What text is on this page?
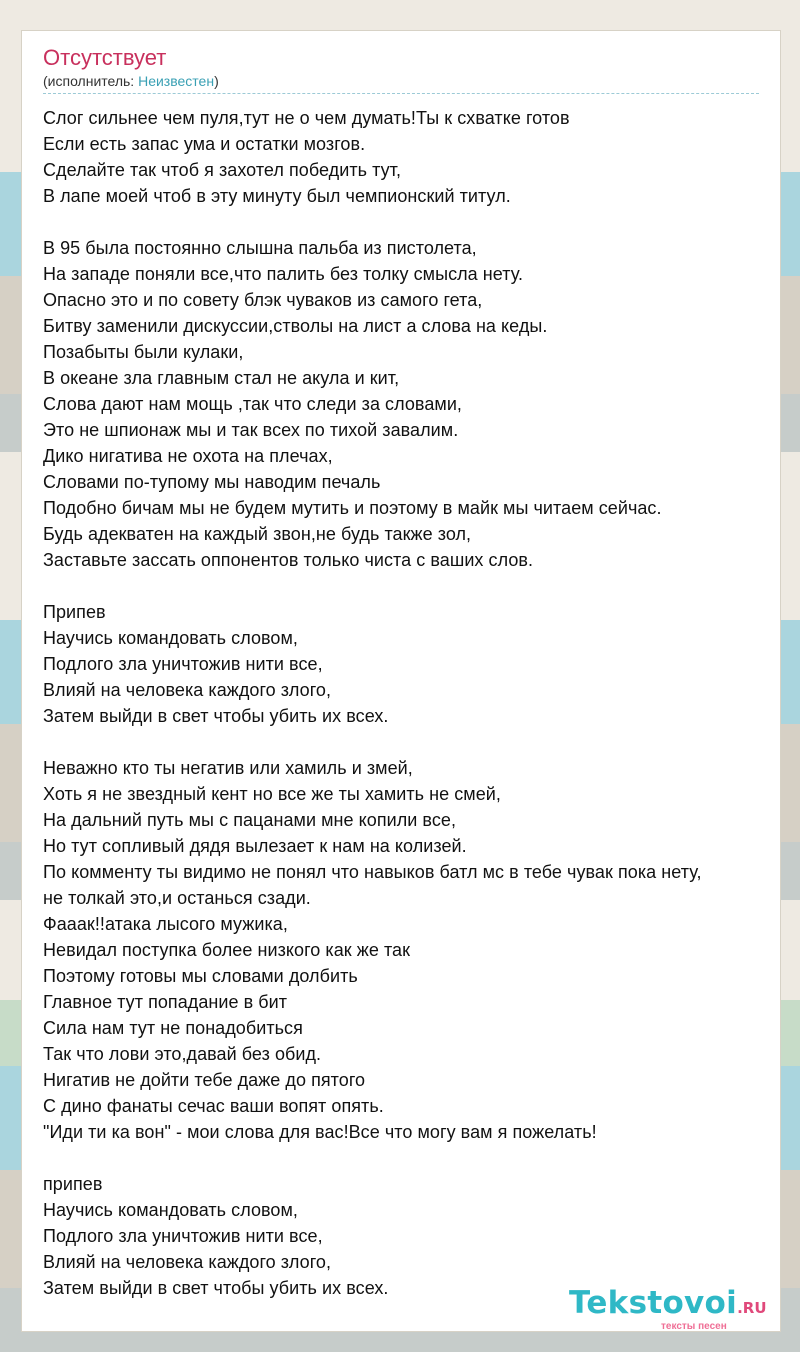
Отсутствует
(исполнитель: Неизвестен)
Слог сильнее чем пуля,тут не о чем думать!Ты к схватке готов
Если есть запас ума и остатки мозгов.
Сделайте так чтоб я захотел победить тут,
В лапе моей чтоб в эту минуту был чемпионский титул.
В 95 была постоянно слышна пальба из пистолета,
На западе поняли все,что палить без толку смысла нету.
Опасно это и по совету блэк чуваков из самого гета,
Битву заменили дискуссии,стволы на лист а слова на кеды.
Позабыты были кулаки,
В океане зла главным стал не акула и кит,
Слова дают нам мощь ,так что следи за словами,
Это не шпионаж мы и так всех по тихой завалим.
Дико нигатива не охота на плечах,
Словами по-тупому мы наводим печаль
Подобно бичам мы не будем мутить и поэтому в майк мы читаем сейчас.
Будь адекватен на каждый звон,не будь также зол,
Заставьте зассать оппонентов только чиста с ваших слов.
Припев
Научись командовать словом,
Подлого зла уничтожив нити все,
Влияй на человека каждого злого,
Затем выйди в свет чтобы убить их всех.
Неважно кто ты негатив или хамиль и змей,
Хоть я не звездный кент но все же ты хамить не смей,
На дальний путь мы с пацанами мне копили все,
Но тут сопливый дядя вылезает к нам на колизей.
По комменту ты видимо не понял что навыков батл мс в тебе чувак пока нету,
не толкай это,и останься сзади.
Фааак!!атака лысого мужика,
Невидал поступка более низкого как же так
Поэтому готовы мы словами долбить
Главное тут попадание в бит
Сила нам тут не понадобиться
Так что лови это,давай без обид.
Нигатив не дойти тебе даже до пятого
С дино фанаты сечас ваши вопят опять.
"Иди ти ка вон" - мои слова для вас!Все что могу вам я пожелать!
припев
Научись командовать словом,
Подлого зла уничтожив нити все,
Влияй на человека каждого злого,
Затем выйди в свет чтобы убить их всех.	Tekstovoi.RU
тексты песен
